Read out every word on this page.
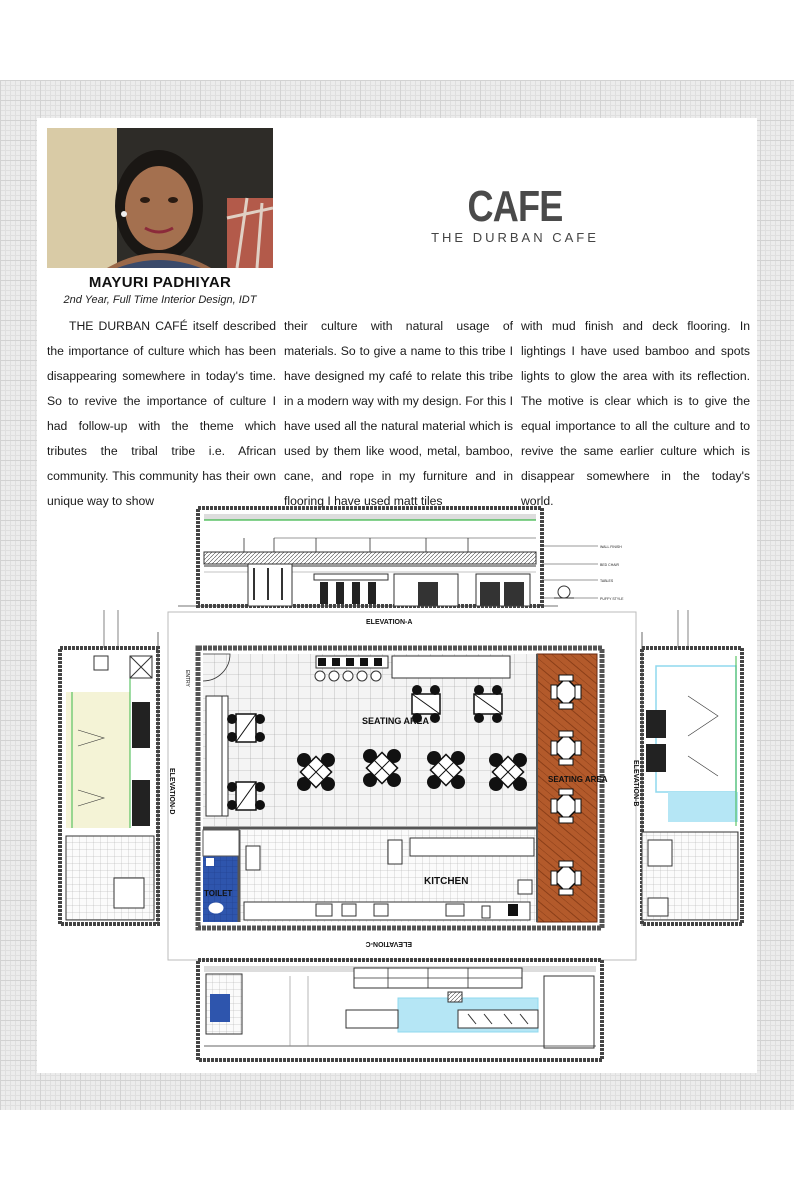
MAYURI PADHIYAR
2nd Year, Full Time Interior Design, IDT
CAFE
THE DURBAN CAFE
THE DURBAN CAFÉ itself described the importance of culture which has been disappearing somewhere in today's time. So to revive the importance of culture I had follow-up with the theme which tributes the tribal tribe i.e. African community. This community has their own unique way to show
their culture with natural usage of materials. So to give a name to this tribe I have designed my café to relate this tribe in a modern way with my design. For this I have used all the natural material which is used by them like wood, metal, bamboo, cane, and rope in my furniture and in flooring I have used matt tiles
with mud finish and deck flooring. In lightings I have used bamboo and spots lights to glow the area with its reflection. The motive is clear which is to give the equal importance to all the culture and to revive the same earlier culture which is disappear somewhere in the today's world.
WALL FINISH
BED CHAIR
TABLES
PUFFY STYLE
ELEVATION-A
SEATING AREA
SEATING AREA
KITCHEN
TOILET
ENTRY
ELEVATION-D	ELEVATION-B
ELEVATION-C
